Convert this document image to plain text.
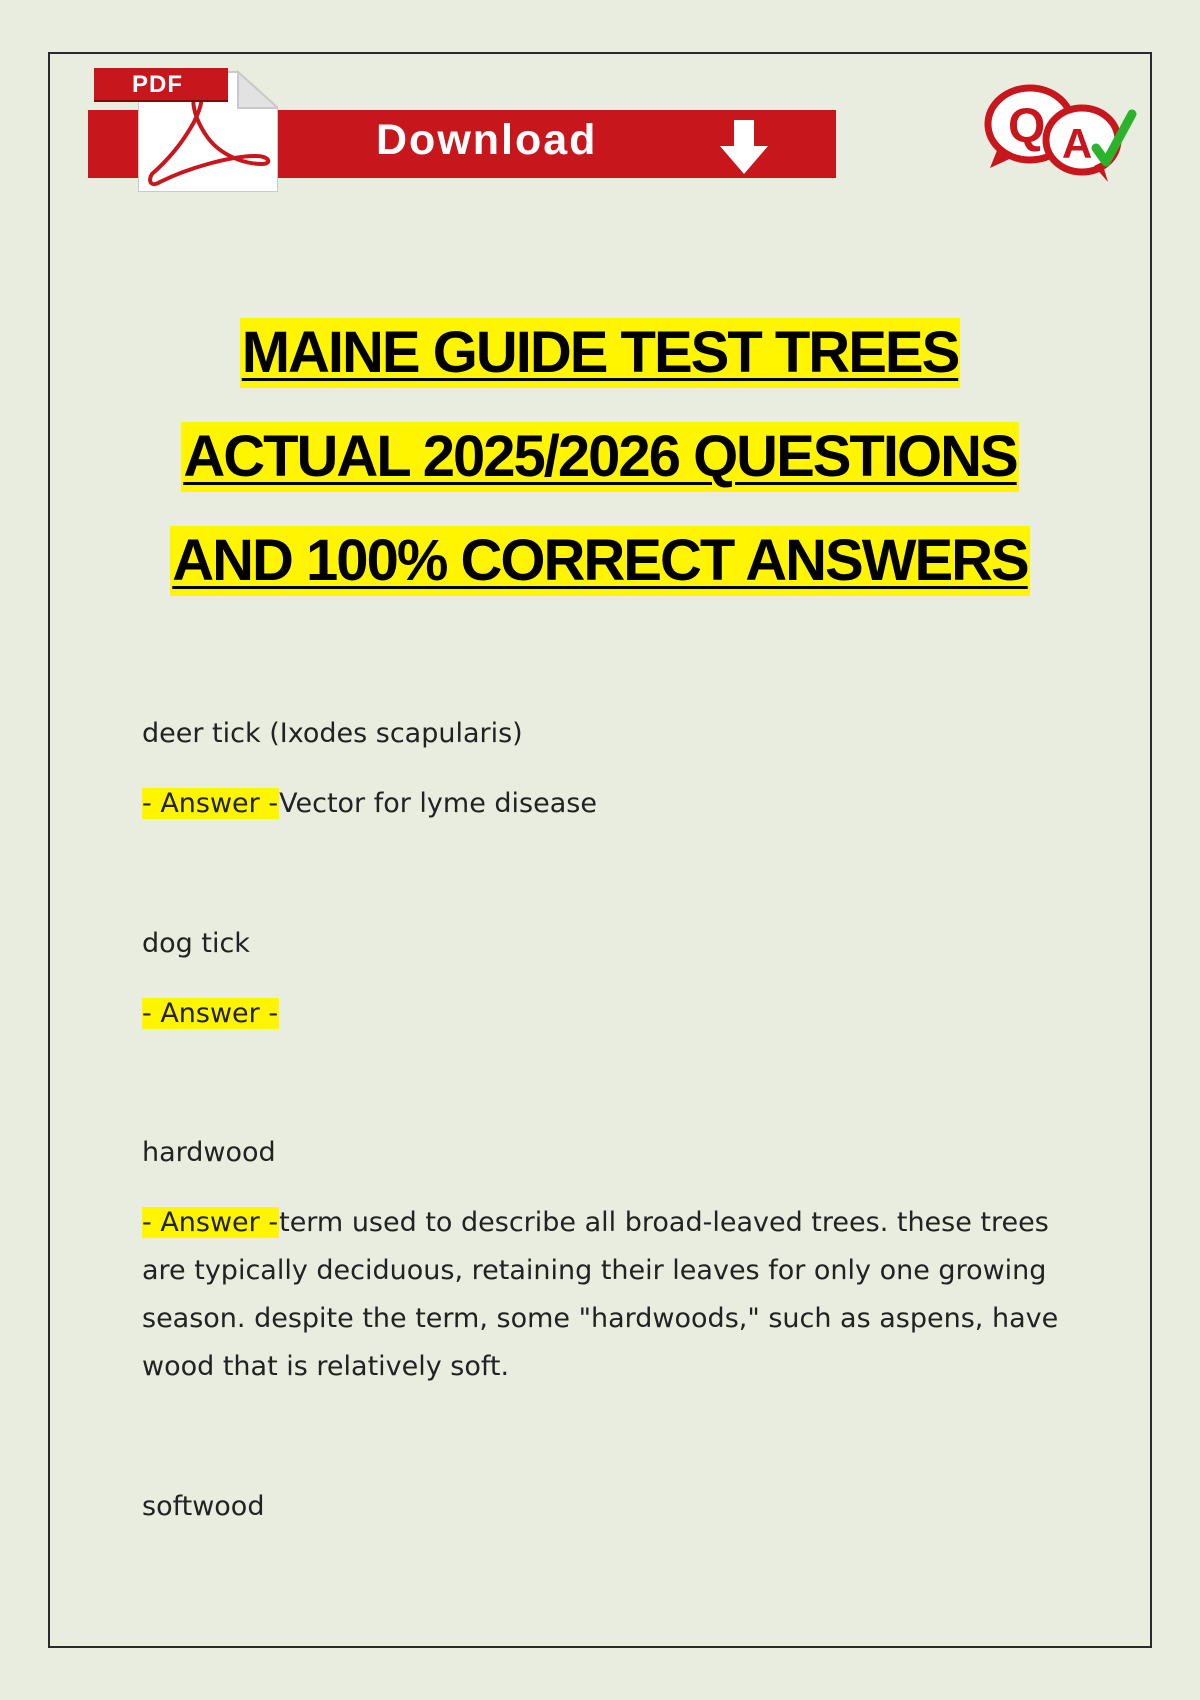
Download
PDF
Q A
MAINE GUIDE TEST TREES
ACTUAL 2025/2026 QUESTIONS
AND 100% CORRECT ANSWERS

deer tick (Ixodes scapularis)

- Answer -Vector for lyme disease

dog tick

- Answer -

hardwood

- Answer -term used to describe all broad-leaved trees. these trees are typically deciduous, retaining their leaves for only one growing season. despite the term, some "hardwoods," such as aspens, have wood that is relatively soft.

softwood
